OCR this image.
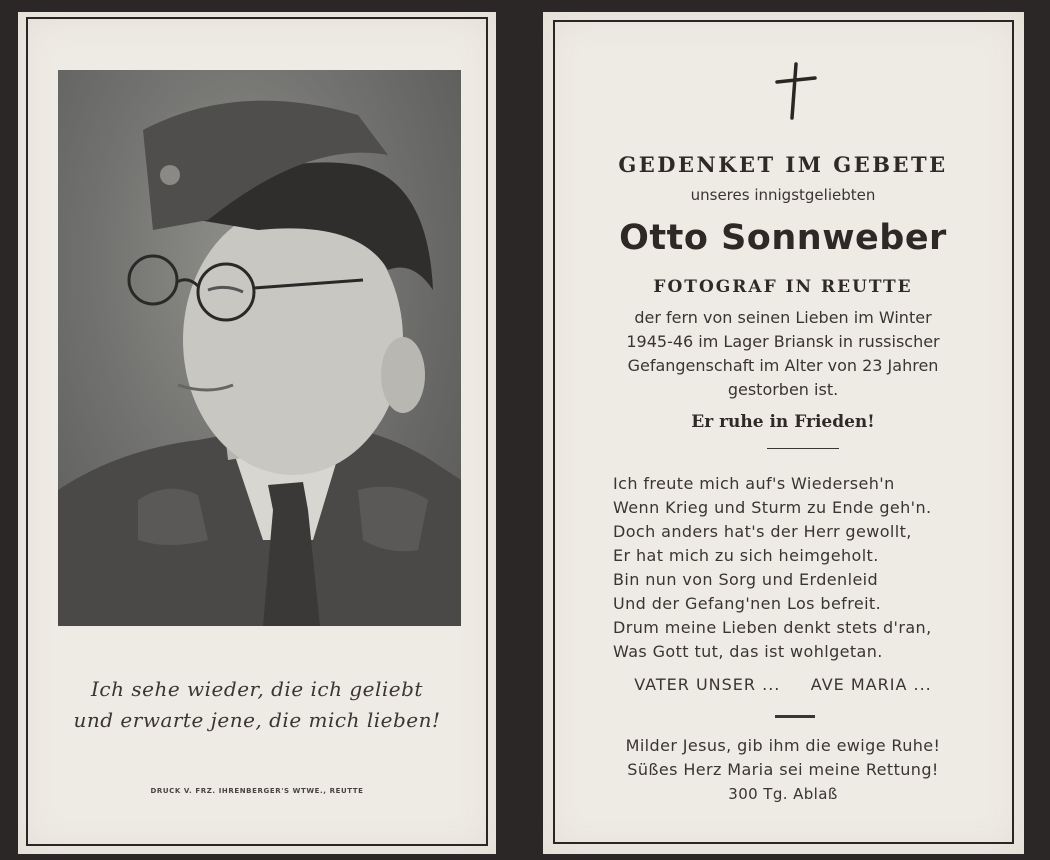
Ich sehe wieder, die ich geliebt

und erwarte jene, die mich lieben!

DRUCK V. FRZ. IHRENBERGER'S WTWE., REUTTE

GEDENKET IM GEBETE

unseres innigstgeliebten

Otto Sonnweber

FOTOGRAF IN REUTTE

der fern von seinen Lieben im Winter

1945-46 im Lager Briansk in russischer

Gefangenschaft im Alter von 23 Jahren

gestorben ist.

Er ruhe in Frieden!

Ich freute mich auf's Wiederseh'n

Wenn Krieg und Sturm zu Ende geh'n.

Doch anders hat's der Herr gewollt,

Er hat mich zu sich heimgeholt.

Bin nun von Sorg und Erdenleid

Und der Gefang'nen Los befreit.

Drum meine Lieben denkt stets d'ran,

Was Gott tut, das ist wohlgetan.

VATER UNSER ...     AVE MARIA ...

Milder Jesus, gib ihm die ewige Ruhe!

Süßes Herz Maria sei meine Rettung!

300 Tg. Ablaß
